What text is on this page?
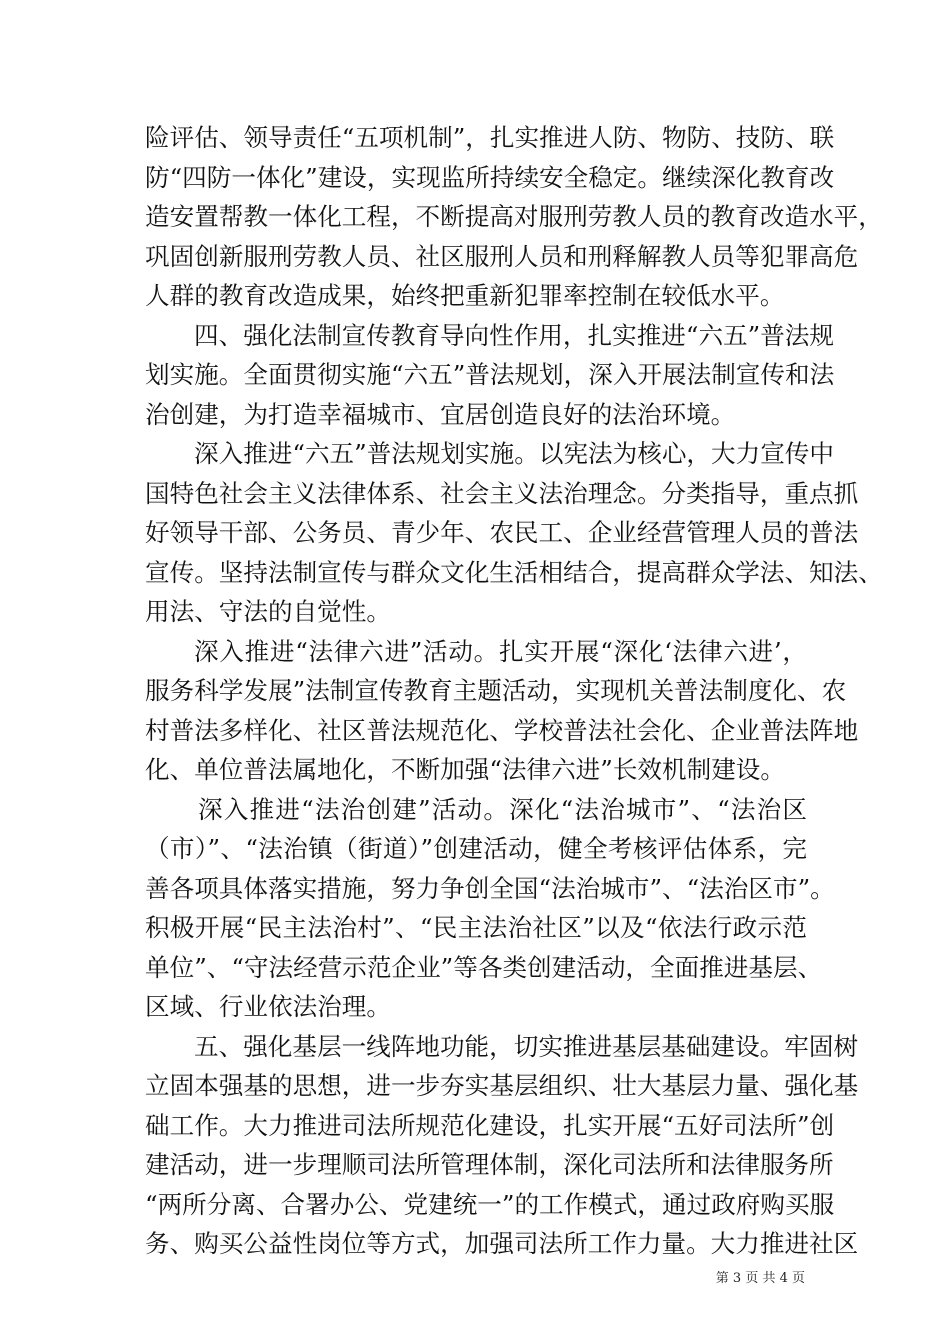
险评估、领导责任“五项机制”，扎实推进人防、物防、技防、联
防“四防一体化”建设，实现监所持续安全稳定。继续深化教育改
造安置帮教一体化工程，不断提高对服刑劳教人员的教育改造水平，
巩固创新服刑劳教人员、社区服刑人员和刑释解教人员等犯罪高危
人群的教育改造成果，始终把重新犯罪率控制在较低水平。
四、强化法制宣传教育导向性作用，扎实推进“六五”普法规
划实施。全面贯彻实施“六五”普法规划，深入开展法制宣传和法
治创建，为打造幸福城市、宜居创造良好的法治环境。
深入推进“六五”普法规划实施。以宪法为核心，大力宣传中
国特色社会主义法律体系、社会主义法治理念。分类指导，重点抓
好领导干部、公务员、青少年、农民工、企业经营管理人员的普法
宣传。坚持法制宣传与群众文化生活相结合，提高群众学法、知法、
用法、守法的自觉性。
深入推进“法律六进”活动。扎实开展“深化‘法律六进’，
服务科学发展”法制宣传教育主题活动，实现机关普法制度化、农
村普法多样化、社区普法规范化、学校普法社会化、企业普法阵地
化、单位普法属地化，不断加强“法律六进”长效机制建设。
深入推进“法治创建”活动。深化“法治城市”、“法治区
（市）”、“法治镇（街道）”创建活动，健全考核评估体系，完
善各项具体落实措施，努力争创全国“法治城市”、“法治区市”。
积极开展“民主法治村”、“民主法治社区”以及“依法行政示范
单位”、“守法经营示范企业”等各类创建活动，全面推进基层、
区域、行业依法治理。
五、强化基层一线阵地功能，切实推进基层基础建设。牢固树
立固本强基的思想，进一步夯实基层组织、壮大基层力量、强化基
础工作。大力推进司法所规范化建设，扎实开展“五好司法所”创
建活动，进一步理顺司法所管理体制，深化司法所和法律服务所
“两所分离、合署办公、党建统一”的工作模式，通过政府购买服
务、购买公益性岗位等方式，加强司法所工作力量。大力推进社区
第 3 页 共 4 页
